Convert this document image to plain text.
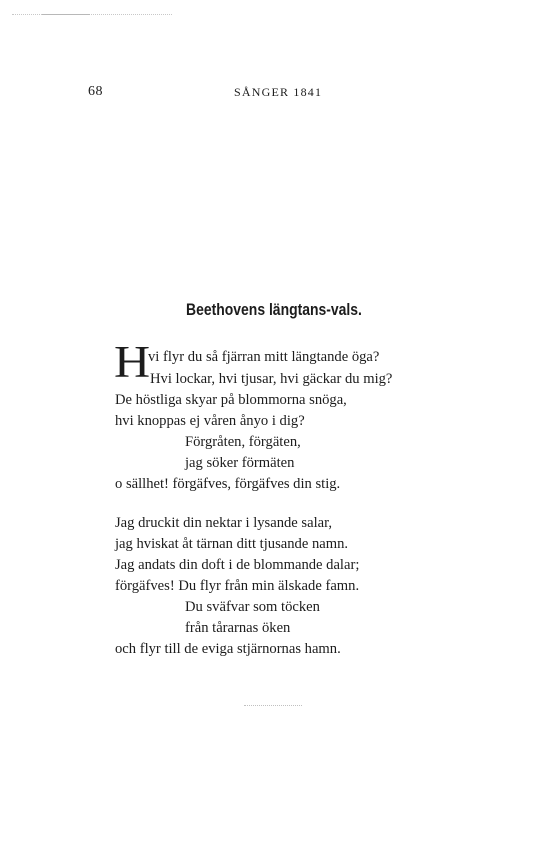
68	SÅNGER 1841
Beethovens längtans-vals.
H
vi flyr du så fjärran mitt längtande öga?
Hvi lockar, hvi tjusar, hvi gäckar du mig?
De höstliga skyar på blommorna snöga,
hvi knoppas ej våren ånyo i dig?
Förgråten, förgäten,
jag söker förmäten
o sällhet! förgäfves, förgäfves din stig.
Jag druckit din nektar i lysande salar,
jag hviskat åt tärnan ditt tjusande namn.
Jag andats din doft i de blommande dalar;
förgäfves! Du flyr från min älskade famn.
Du sväfvar som töcken
från tårarnas öken
och flyr till de eviga stjärnornas hamn.
